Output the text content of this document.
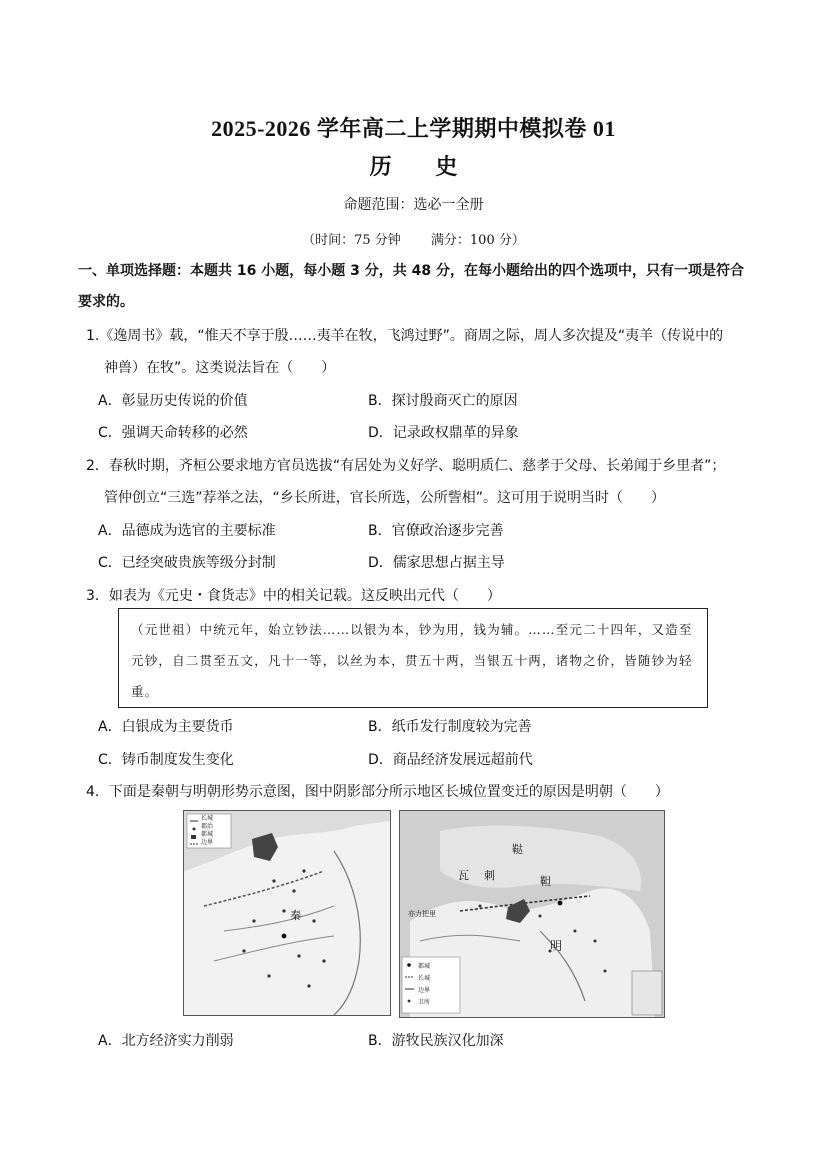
2025-2026 学年高二上学期期中模拟卷 01
历 史
命题范围：选必一全册
（时间：75 分钟　　 满分：100 分）
一、单项选择题：本题共 16 小题，每小题 3 分，共 48 分，在每小题给出的四个选项中，只有一项是符合
要求的。
1.《逸周书》载，“惟天不享于殷……夷羊在牧，飞鸿过野”。商周之际，周人多次提及“夷羊（传说中的
神兽）在牧”。这类说法旨在（　　）
A．彰显历史传说的价值	B．探讨殷商灭亡的原因
C．强调天命转移的必然	D．记录政权鼎革的异象
2．春秋时期，齐桓公要求地方官员选拔“有居处为义好学、聪明质仁、慈孝于父母、长弟闻于乡里者”；
管仲创立“三选”荐举之法，“乡长所进，官长所选，公所訾相”。这可用于说明当时（　　）
A．品德成为选官的主要标准	B．官僚政治逐步完善
C．已经突破贵族等级分封制	D．儒家思想占据主导
3．如表为《元史・食货志》中的相关记载。这反映出元代（　　）
（元世祖）中统元年，始立钞法……以银为本，钞为用，钱为辅。……至元二十四年，又造至
元钞，自二贯至五文，凡十一等，以丝为本，贯五十两，当银五十两，诸物之价，皆随钞为轻
重。
A．白银成为主要货币	B．纸币发行制度较为完善
C．铸币制度发生变化	D．商品经济发展远超前代
4．下面是秦朝与明朝形势示意图，图中阴影部分所示地区长城位置变迁的原因是明朝（　　）
秦
长城
郡治
都城
边界
鞑
靼
瓦 刺
亦力把里
明
都城
长城
边界
卫所
A．北方经济实力削弱	B．游牧民族汉化加深
